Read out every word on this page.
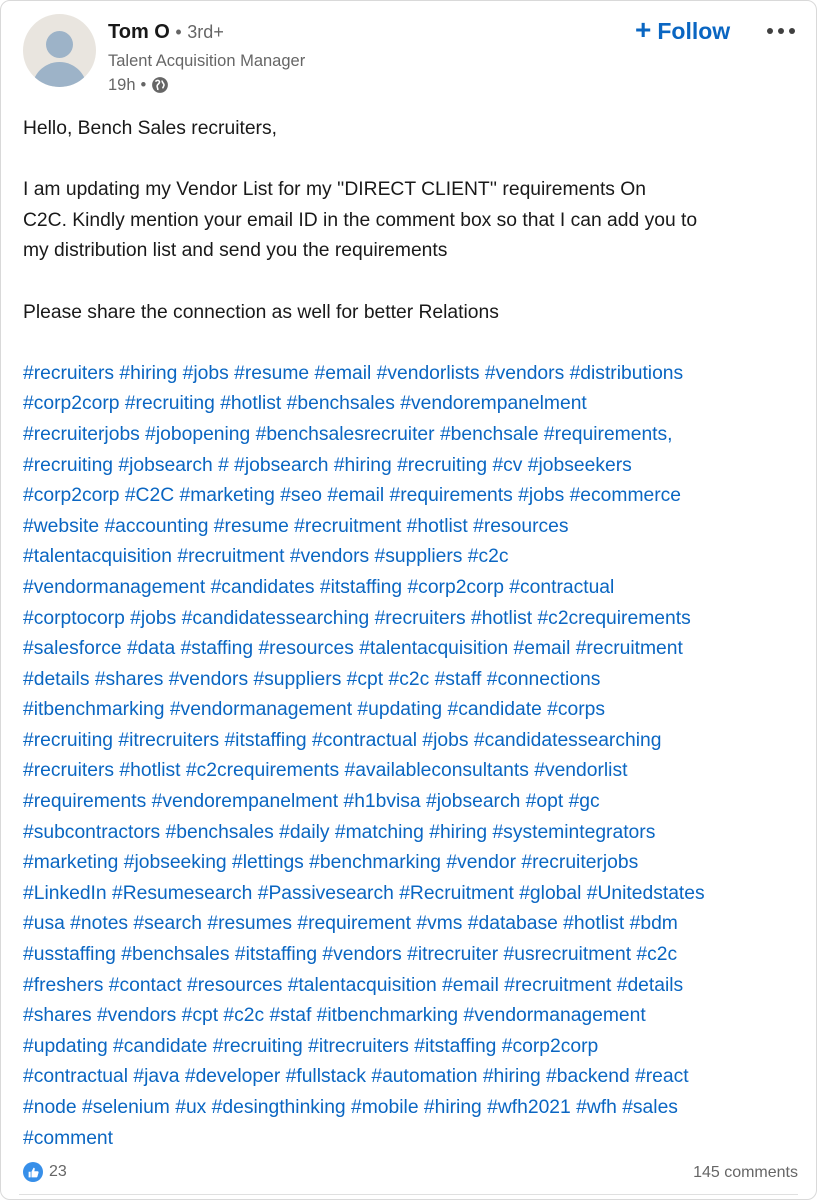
Tom O • 3rd+
Talent Acquisition Manager
19h •
+ Follow

Hello, Bench Sales recruiters,

I am updating my Vendor List for my ''DIRECT CLIENT'' requirements On

C2C. Kindly mention your email ID in the comment box so that I can add you to

my distribution list and send you the requirements

Please share the connection as well for better Relations

#recruiters #hiring #jobs #resume #email #vendorlists #vendors #distributions

#corp2corp #recruiting #hotlist #benchsales #vendorempanelment

#recruiterjobs #jobopening #benchsalesrecruiter #benchsale #requirements,

#recruiting #jobsearch # #jobsearch #hiring #recruiting #cv #jobseekers

#corp2corp #C2C #marketing #seo #email #requirements #jobs #ecommerce

#website #accounting #resume #recruitment #hotlist #resources

#talentacquisition #recruitment #vendors #suppliers #c2c

#vendormanagement #candidates #itstaffing #corp2corp #contractual

#corptocorp #jobs #candidatessearching #recruiters #hotlist #c2crequirements

#salesforce #data #staffing #resources #talentacquisition #email #recruitment

#details #shares #vendors #suppliers #cpt #c2c #staff #connections

#itbenchmarking #vendormanagement #updating #candidate #corps

#recruiting #itrecruiters #itstaffing #contractual #jobs #candidatessearching

#recruiters #hotlist #c2crequirements #availableconsultants #vendorlist

#requirements #vendorempanelment #h1bvisa #jobsearch #opt #gc

#subcontractors #benchsales #daily #matching #hiring #systemintegrators

#marketing #jobseeking #lettings #benchmarking #vendor #recruiterjobs

#LinkedIn #Resumesearch #Passivesearch #Recruitment #global #Unitedstates

#usa #notes #search #resumes #requirement #vms #database #hotlist #bdm

#usstaffing #benchsales #itstaffing #vendors #itrecruiter #usrecruitment #c2c

#freshers #contact #resources #talentacquisition #email #recruitment #details

#shares #vendors #cpt #c2c #staf #itbenchmarking #vendormanagement

#updating #candidate #recruiting #itrecruiters #itstaffing #corp2corp

#contractual #java #developer #fullstack #automation #hiring #backend #react

#node #selenium #ux #desingthinking #mobile #hiring #wfh2021 #wfh #sales

#comment

23	145 comments
